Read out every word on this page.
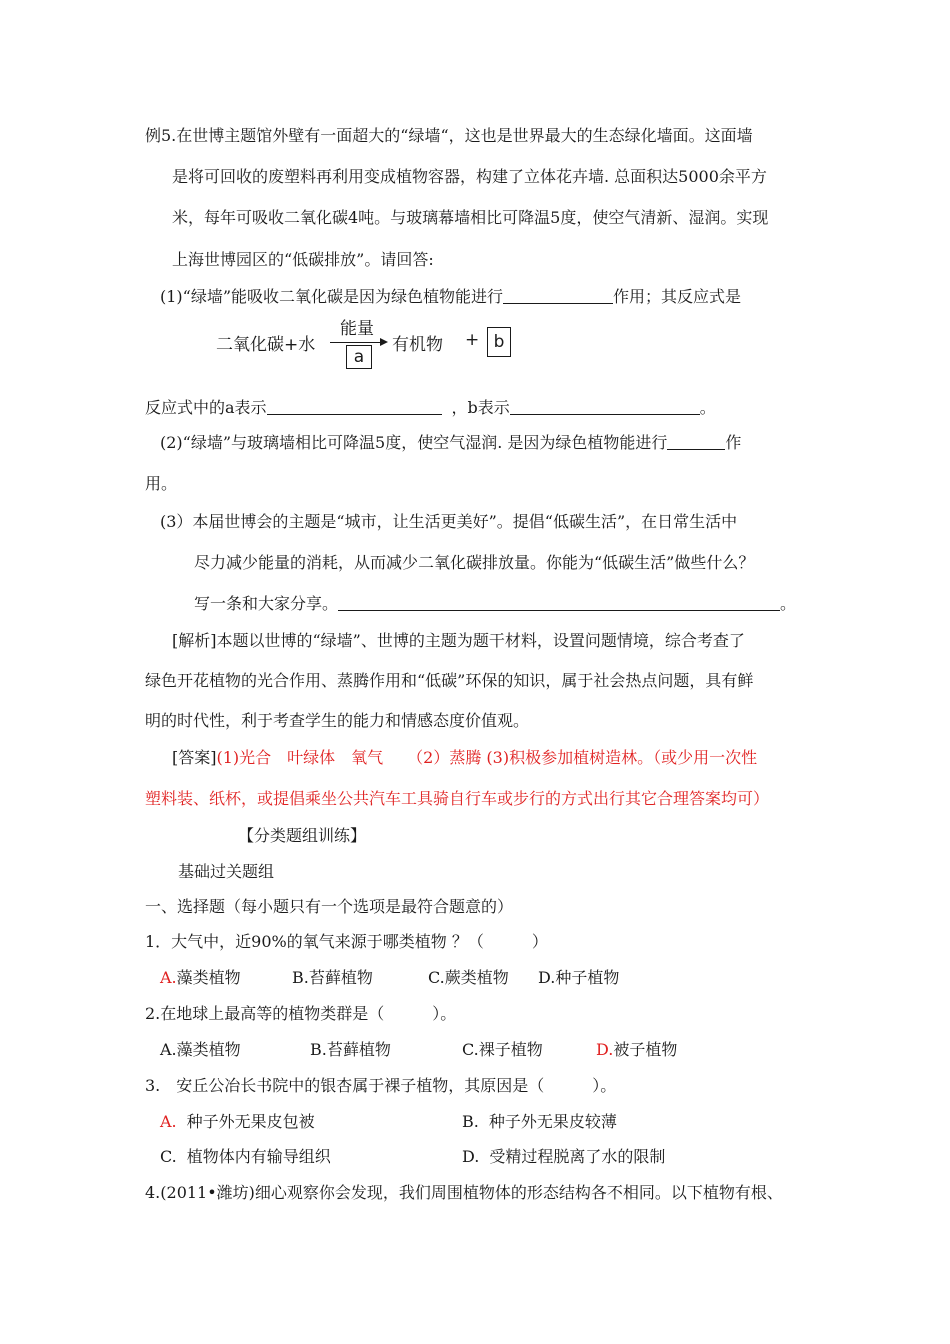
例5.在世博主题馆外壁有一面超大的“绿墙“，这也是世界最大的生态绿化墙面。这面墙
是将可回收的废塑料再利用变成植物容器，构建了立体花卉墙. 总面积达5000余平方
米，每年可吸收二氧化碳4吨。与玻璃幕墙相比可降温5度，使空气清新、湿润。实现
上海世博园区的“低碳排放”。请回答:
(1)“绿墙”能吸收二氧化碳是因为绿色植物能进行	作用；其反应式是
二氧化碳+水
能量
a
有机物 + b
反应式中的a表示	，b表示	。
(2)“绿墙”与玻璃墙相比可降温5度，使空气湿润. 是因为绿色植物能进行	作
用。
(3）本届世博会的主题是“城市，让生活更美好”。提倡“低碳生活”，在日常生活中
尽力减少能量的消耗，从而减少二氧化碳排放量。你能为“低碳生活”做些什么？
写一条和大家分享。	。
[解析]本题以世博的“绿墙”、世博的主题为题干材料，设置问题情境，综合考查了
绿色开花植物的光合作用、蒸腾作用和“低碳”环保的知识，属于社会热点问题，具有鲜
明的时代性，利于考查学生的能力和情感态度价值观。
[答案](1)光合　叶绿体　氧气　　（2）蒸腾 (3)积极参加植树造林。（或少用一次性
塑料装、纸杯，或提倡乘坐公共汽车工具骑自行车或步行的方式出行其它合理答案均可）
【分类题组训练】
基础过关题组
一、选择题（每小题只有一个选项是最符合题意的）
1．大气中，近90%的氧气来源于哪类植物 ？（　　　）
A.藻类植物	B.苔藓植物	C.蕨类植物 D.种子植物
2.在地球上最高等的植物类群是（　　　）。
A.藻类植物	B.苔藓植物	C.裸子植物	D.被子植物
3.　安丘公冶长书院中的银杏属于裸子植物，其原因是（　　　）。
A. 种子外无果皮包被	B. 种子外无果皮较薄
C. 植物体内有输导组织	D. 受精过程脱离了水的限制
4.(2011•潍坊)细心观察你会发现，我们周围植物体的形态结构各不相同。以下植物有根、
